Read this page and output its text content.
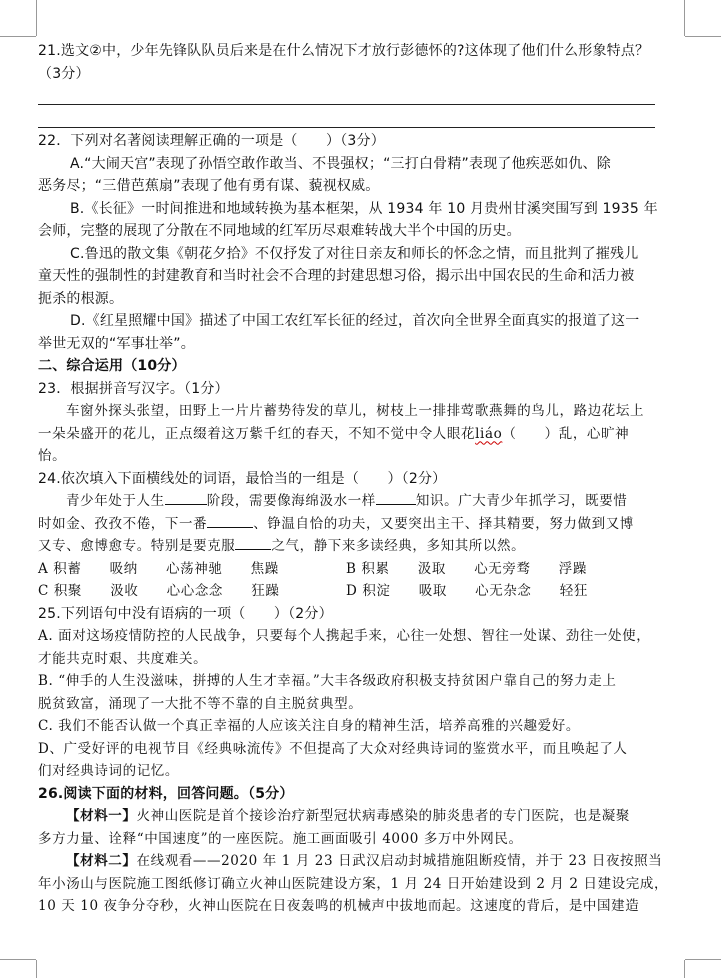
21.选文②中，少年先锋队队员后来是在什么情况下才放行彭德怀的?这体现了他们什么形象特点？
（3分）
22．下列对名著阅读理解正确的一项是（　　）（3分）
A.“大闹天宫”表现了孙悟空敢作敢当、不畏强权；“三打白骨精”表现了他疾恶如仇、除
恶务尽；“三借芭蕉扇”表现了他有勇有谋、藐视权威。
B.《长征》一时间推进和地域转换为基本框架，从 1934 年 10 月贵州甘溪突围写到 1935 年
会师，完整的展现了分散在不同地域的红军历尽艰难转战大半个中国的历史。
C.鲁迅的散文集《朝花夕拾》不仅抒发了对往日亲友和师长的怀念之情，而且批判了摧残儿
童天性的强制性的封建教育和当时社会不合理的封建思想习俗，揭示出中国农民的生命和活力被
扼杀的根源。
D.《红星照耀中国》描述了中国工农红军长征的经过，首次向全世界全面真实的报道了这一
举世无双的“军事壮举”。
二、综合运用（10分）
23．根据拼音写汉字。（1分）
车窗外探头张望，田野上一片片蓄势待发的草儿，树枝上一排排莺歌燕舞的鸟儿，路边花坛上
一朵朵盛开的花儿，正点缀着这万紫千红的春天，不知不觉中令人眼花liáo（　　）乱，心旷神
怡。
24.依次填入下面横线处的词语，最恰当的一组是（　　）（2分）
青少年处于人生	阶段，需要像海绵汲水一样	知识。广大青少年抓学习，既要惜
时如金、孜孜不倦，下一番	、铮温自恰的功夫，又要突出主干、择其精要，努力做到又博
又专、愈博愈专。特别是要克服	之气，静下来多读经典，多知其所以然。
A 积蓄　　吸纳　　心荡神驰　　焦躁	B 积累　　汲取　　心无旁骛　　浮躁
C 积聚　　汲收　　心心念念　　狂躁	D 积淀　　吸取　　心无杂念　　轻狂
25.下列语句中没有语病的一项（　　）（2分）
A. 面对这场疫情防控的人民战争，只要每个人携起手来，心往一处想、智往一处谋、劲往一处使，
才能共克时艰、共度难关。
B. “伸手的人生没滋味，拼搏的人生才幸福。”大丰各级政府积极支持贫困户靠自己的努力走上
脱贫致富，涌现了一大批不等不靠的自主脱贫典型。
C. 我们不能否认做一个真正幸福的人应该关注自身的精神生活，培养高雅的兴趣爱好。
D、广受好评的电视节目《经典咏流传》不但提高了大众对经典诗词的鉴赏水平，而且唤起了人
们对经典诗词的记忆。
26.阅读下面的材料，回答问题。（5分）
【材料一】火神山医院是首个接诊治疗新型冠状病毒感染的肺炎患者的专门医院，也是凝聚
多方力量、诠释“中国速度”的一座医院。施工画面吸引 4000 多万中外网民。
【材料二】在线观看——2020 年 1 月 23 日武汉启动封城措施阻断疫情，并于 23 日夜按照当
年小汤山与医院施工图纸修订确立火神山医院建设方案，1 月 24 日开始建设到 2 月 2 日建设完成，
10 天 10 夜争分夺秒，火神山医院在日夜轰鸣的机械声中拔地而起。这速度的背后，是中国建造
